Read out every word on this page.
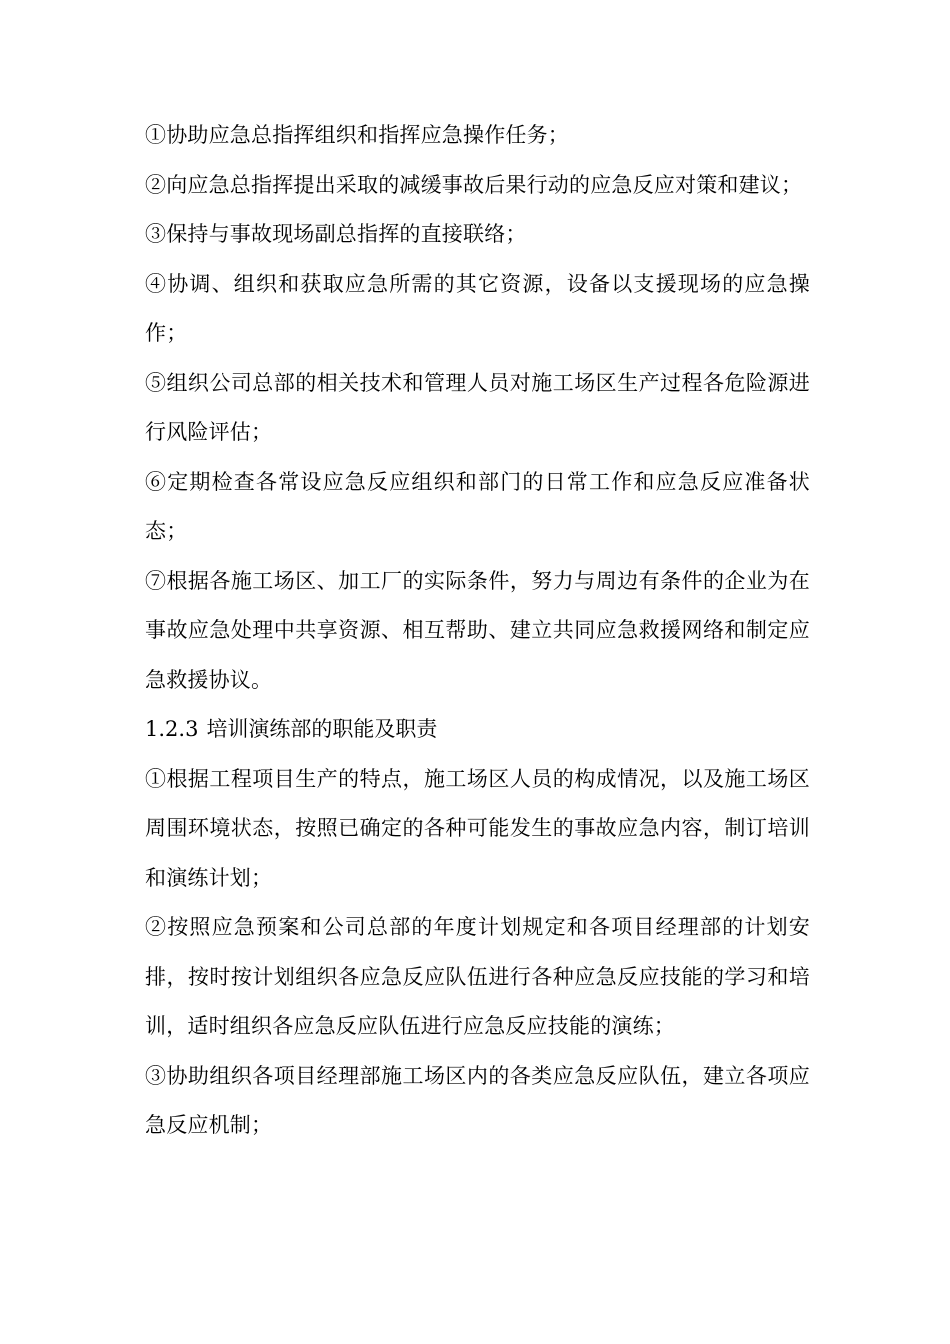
①协助应急总指挥组织和指挥应急操作任务；

②向应急总指挥提出采取的减缓事故后果行动的应急反应对策和建议；

③保持与事故现场副总指挥的直接联络；

④协调、组织和获取应急所需的其它资源，设备以支援现场的应急操作；

⑤组织公司总部的相关技术和管理人员对施工场区生产过程各危险源进行风险评估；

⑥定期检查各常设应急反应组织和部门的日常工作和应急反应准备状态；

⑦根据各施工场区、加工厂的实际条件，努力与周边有条件的企业为在事故应急处理中共享资源、相互帮助、建立共同应急救援网络和制定应急救援协议。

1.2.3 培训演练部的职能及职责

①根据工程项目生产的特点，施工场区人员的构成情况，以及施工场区周围环境状态，按照已确定的各种可能发生的事故应急内容，制订培训和演练计划；

②按照应急预案和公司总部的年度计划规定和各项目经理部的计划安排，按时按计划组织各应急反应队伍进行各种应急反应技能的学习和培训，适时组织各应急反应队伍进行应急反应技能的演练；

③协助组织各项目经理部施工场区内的各类应急反应队伍，建立各项应急反应机制；
